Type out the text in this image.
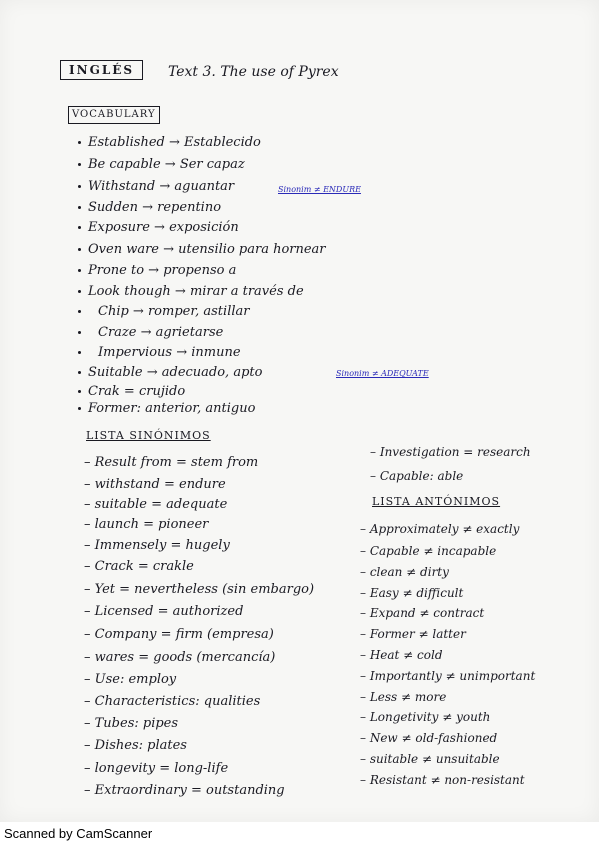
INGLÉS	Text 3. The use of Pyrex
VOCABULARY
Established → Establecido
Be capable → Ser capaz
Withstand → aguantar	Sinonim ≠ ENDURE
Sudden → repentino
Exposure → exposición
Oven ware → utensilio para hornear
Prone to → propenso a
Look though → mirar a través de
Chip → romper, astillar
Craze → agrietarse
Impervious → inmune
Suitable → adecuado, apto	Sinonim ≠ ADEQUATE
Crak = crujido
Former: anterior, antiguo
LISTA SINÓNIMOS
– Result from = stem from
– withstand = endure
– suitable = adequate
– launch = pioneer
– Immensely = hugely
– Crack = crakle
– Yet = nevertheless (sin embargo)
– Licensed = authorized
– Company = firm (empresa)
– wares = goods (mercancía)
– Use: employ
– Characteristics: qualities
– Tubes: pipes
– Dishes: plates
– longevity = long-life
– Extraordinary = outstanding
– Investigation = research
– Capable: able
LISTA ANTÓNIMOS
– Approximately ≠ exactly
– Capable ≠ incapable
– clean ≠ dirty
– Easy ≠ difficult
– Expand ≠ contract
– Former ≠ latter
– Heat ≠ cold
– Importantly ≠ unimportant
– Less ≠ more
– Longetivity ≠ youth
– New ≠ old-fashioned
– suitable ≠ unsuitable
– Resistant ≠ non-resistant
Scanned by CamScanner
